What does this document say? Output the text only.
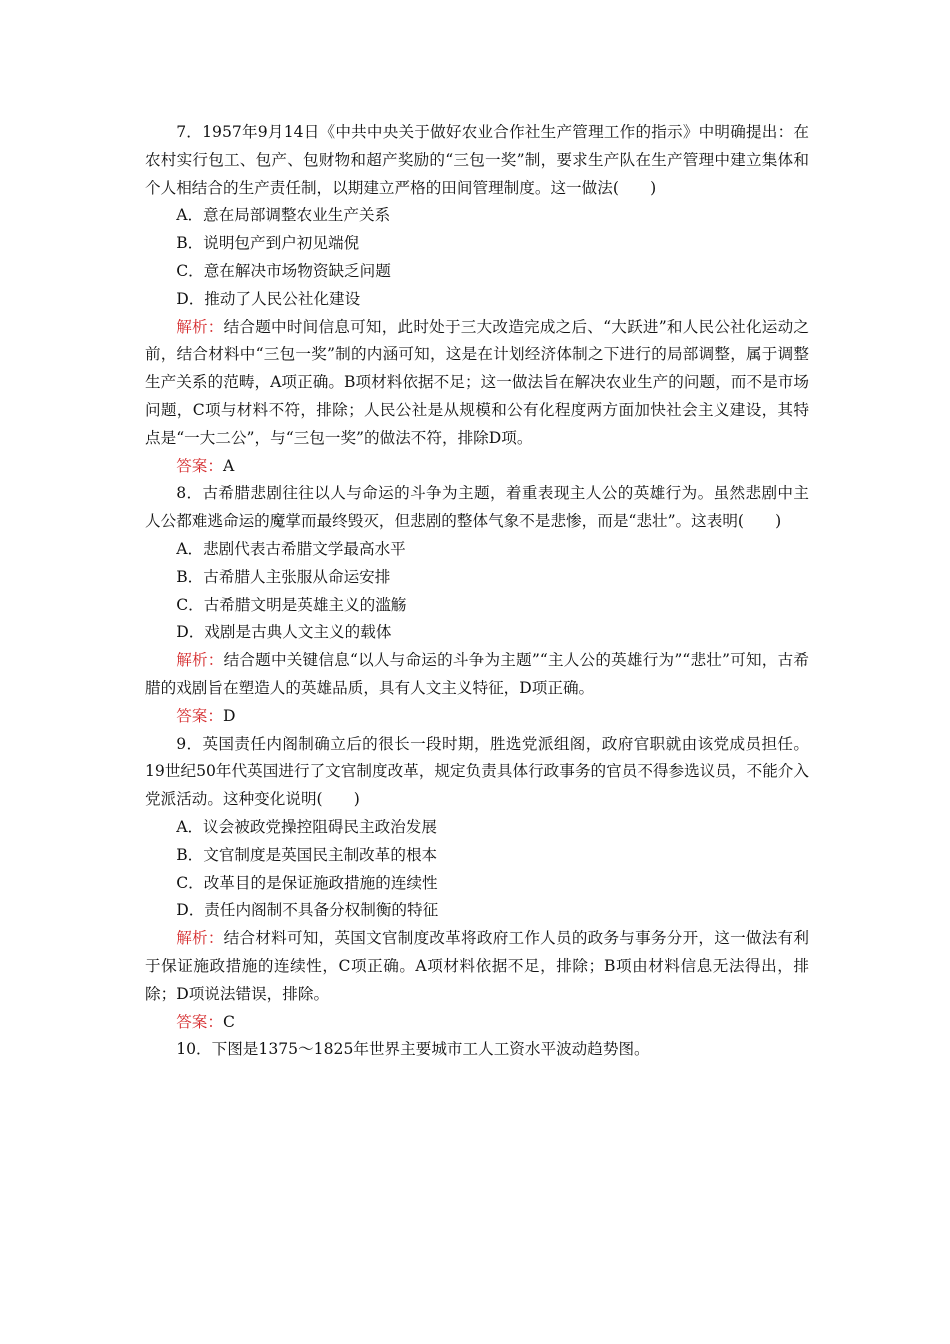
7．1957年9月14日《中共中央关于做好农业合作社生产管理工作的指示》中明确提出：在农村实行包工、包产、包财物和超产奖励的“三包一奖”制，要求生产队在生产管理中建立集体和个人相结合的生产责任制，以期建立严格的田间管理制度。这一做法(　　)

A．意在局部调整农业生产关系

B．说明包产到户初见端倪

C．意在解决市场物资缺乏问题

D．推动了人民公社化建设

解析：结合题中时间信息可知，此时处于三大改造完成之后、“大跃进”和人民公社化运动之前，结合材料中“三包一奖”制的内涵可知，这是在计划经济体制之下进行的局部调整，属于调整生产关系的范畴，A项正确。B项材料依据不足；这一做法旨在解决农业生产的问题，而不是市场问题，C项与材料不符，排除；人民公社是从规模和公有化程度两方面加快社会主义建设，其特点是“一大二公”，与“三包一奖”的做法不符，排除D项。

答案：A

8．古希腊悲剧往往以人与命运的斗争为主题，着重表现主人公的英雄行为。虽然悲剧中主人公都难逃命运的魔掌而最终毁灭，但悲剧的整体气象不是悲惨，而是“悲壮”。这表明(　　)

A．悲剧代表古希腊文学最高水平

B．古希腊人主张服从命运安排

C．古希腊文明是英雄主义的滥觞

D．戏剧是古典人文主义的载体

解析：结合题中关键信息“以人与命运的斗争为主题”“主人公的英雄行为”“悲壮”可知，古希腊的戏剧旨在塑造人的英雄品质，具有人文主义特征，D项正确。

答案：D

9．英国责任内阁制确立后的很长一段时期，胜选党派组阁，政府官职就由该党成员担任。19世纪50年代英国进行了文官制度改革，规定负责具体行政事务的官员不得参选议员，不能介入党派活动。这种变化说明(　　)

A．议会被政党操控阻碍民主政治发展

B．文官制度是英国民主制改革的根本

C．改革目的是保证施政措施的连续性

D．责任内阁制不具备分权制衡的特征

解析：结合材料可知，英国文官制度改革将政府工作人员的政务与事务分开，这一做法有利于保证施政措施的连续性，C项正确。A项材料依据不足，排除；B项由材料信息无法得出，排除；D项说法错误，排除。

答案：C

10．下图是1375～1825年世界主要城市工人工资水平波动趋势图。
